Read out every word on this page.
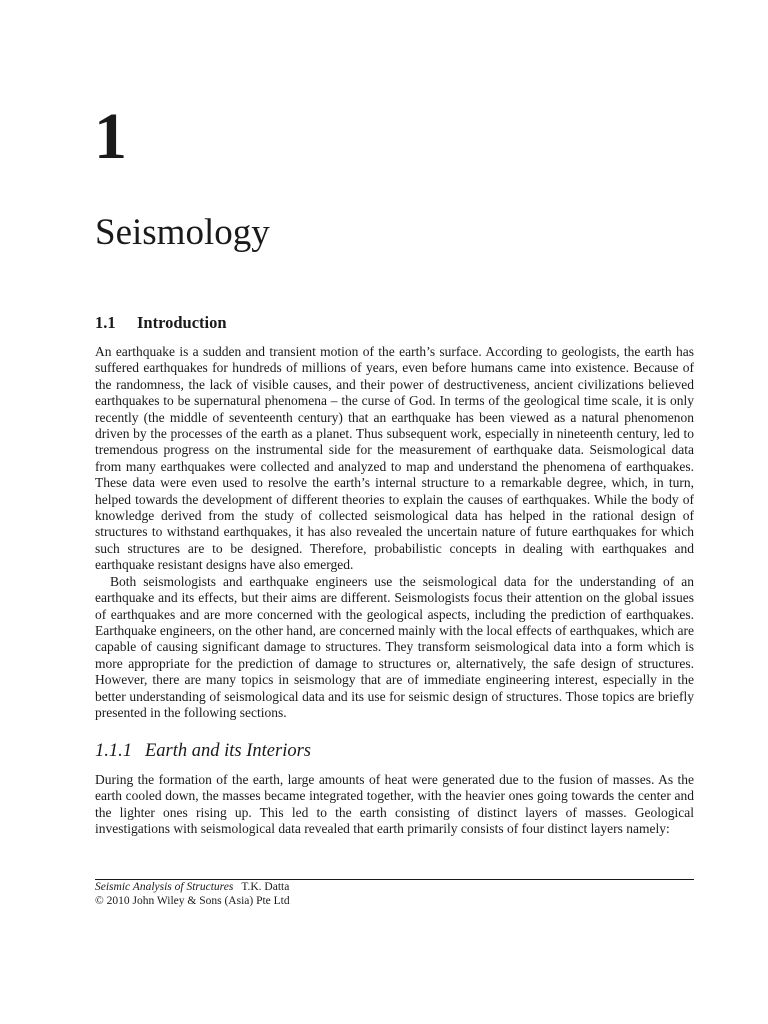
1
Seismology
1.1 Introduction

An earthquake is a sudden and transient motion of the earth’s surface. According to geologists, the earth has suffered earthquakes for hundreds of millions of years, even before humans came into existence. Because of the randomness, the lack of visible causes, and their power of destructiveness, ancient civilizations believed earthquakes to be supernatural phenomena – the curse of God. In terms of the geological time scale, it is only recently (the middle of seventeenth century) that an earthquake has been viewed as a natural phenomenon driven by the processes of the earth as a planet. Thus subsequent work, especially in nineteenth century, led to tremendous progress on the instrumental side for the measurement of earthquake data. Seismological data from many earthquakes were collected and analyzed to map and understand the phenomena of earthquakes. These data were even used to resolve the earth’s internal structure to a remarkable degree, which, in turn, helped towards the development of different theories to explain the causes of earthquakes. While the body of knowledge derived from the study of collected seismological data has helped in the rational design of structures to withstand earthquakes, it has also revealed the uncertain nature of future earthquakes for which such structures are to be designed. Therefore, probabilistic concepts in dealing with earthquakes and earthquake resistant designs have also emerged.

Both seismologists and earthquake engineers use the seismological data for the understanding of an earthquake and its effects, but their aims are different. Seismologists focus their attention on the global issues of earthquakes and are more concerned with the geological aspects, including the prediction of earthquakes. Earthquake engineers, on the other hand, are concerned mainly with the local effects of earthquakes, which are capable of causing significant damage to structures. They transform seismological data into a form which is more appropriate for the prediction of damage to structures or, alternatively, the safe design of structures. However, there are many topics in seismology that are of immediate engineering interest, especially in the better understanding of seismological data and its use for seismic design of structures. Those topics are briefly presented in the following sections.

1.1.1 Earth and its Interiors

During the formation of the earth, large amounts of heat were generated due to the fusion of masses. As the earth cooled down, the masses became integrated together, with the heavier ones going towards the center and the lighter ones rising up. This led to the earth consisting of distinct layers of masses. Geological investigations with seismological data revealed that earth primarily consists of four distinct layers namely:

Seismic Analysis of Structures T.K. Datta
© 2010 John Wiley & Sons (Asia) Pte Ltd
